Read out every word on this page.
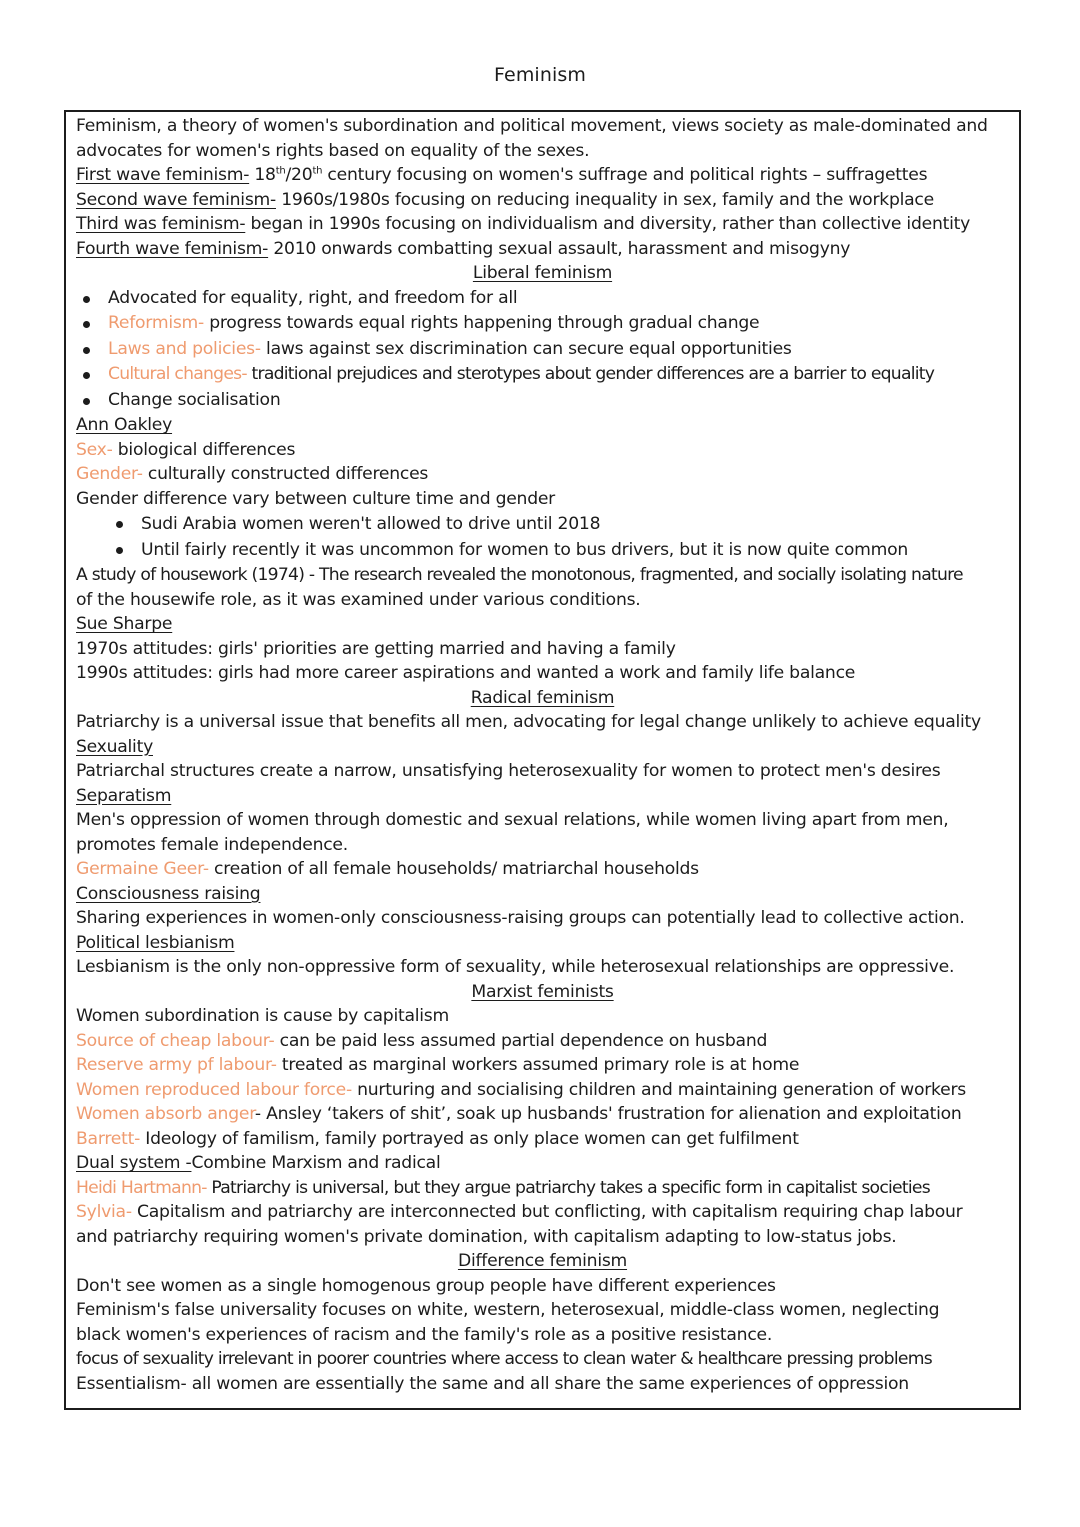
Feminism
Feminism, a theory of women's subordination and political movement, views society as male-dominated and
advocates for women's rights based on equality of the sexes.
First wave feminism- 18th/20th century focusing on women's suffrage and political rights – suffragettes
Second wave feminism- 1960s/1980s focusing on reducing inequality in sex, family and the workplace
Third was feminism- began in 1990s focusing on individualism and diversity, rather than collective identity
Fourth wave feminism- 2010 onwards combatting sexual assault, harassment and misogyny
Liberal feminism
Advocated for equality, right, and freedom for all
Reformism- progress towards equal rights happening through gradual change
Laws and policies- laws against sex discrimination can secure equal opportunities
Cultural changes- traditional prejudices and sterotypes about gender differences are a barrier to equality
Change socialisation
Ann Oakley
Sex- biological differences
Gender- culturally constructed differences
Gender difference vary between culture time and gender
Sudi Arabia women weren't allowed to drive until 2018
Until fairly recently it was uncommon for women to bus drivers, but it is now quite common
A study of housework (1974) - The research revealed the monotonous, fragmented, and socially isolating nature
of the housewife role, as it was examined under various conditions.
Sue Sharpe
1970s attitudes: girls' priorities are getting married and having a family
1990s attitudes: girls had more career aspirations and wanted a work and family life balance
Radical feminism
Patriarchy is a universal issue that benefits all men, advocating for legal change unlikely to achieve equality
Sexuality
Patriarchal structures create a narrow, unsatisfying heterosexuality for women to protect men's desires
Separatism
Men's oppression of women through domestic and sexual relations, while women living apart from men,
promotes female independence.
Germaine Geer- creation of all female households/ matriarchal households
Consciousness raising
Sharing experiences in women-only consciousness-raising groups can potentially lead to collective action.
Political lesbianism
Lesbianism is the only non-oppressive form of sexuality, while heterosexual relationships are oppressive.
Marxist feminists
Women subordination is cause by capitalism
Source of cheap labour- can be paid less assumed partial dependence on husband
Reserve army pf labour- treated as marginal workers assumed primary role is at home
Women reproduced labour force- nurturing and socialising children and maintaining generation of workers
Women absorb anger- Ansley ‘takers of shit’, soak up husbands' frustration for alienation and exploitation
Barrett- Ideology of familism, family portrayed as only place women can get fulfilment
Dual system -Combine Marxism and radical
Heidi Hartmann- Patriarchy is universal, but they argue patriarchy takes a specific form in capitalist societies
Sylvia- Capitalism and patriarchy are interconnected but conflicting, with capitalism requiring chap labour
and patriarchy requiring women's private domination, with capitalism adapting to low-status jobs.
Difference feminism
Don't see women as a single homogenous group people have different experiences
Feminism's false universality focuses on white, western, heterosexual, middle-class women, neglecting
black women's experiences of racism and the family's role as a positive resistance.
focus of sexuality irrelevant in poorer countries where access to clean water & healthcare pressing problems
Essentialism- all women are essentially the same and all share the same experiences of oppression
